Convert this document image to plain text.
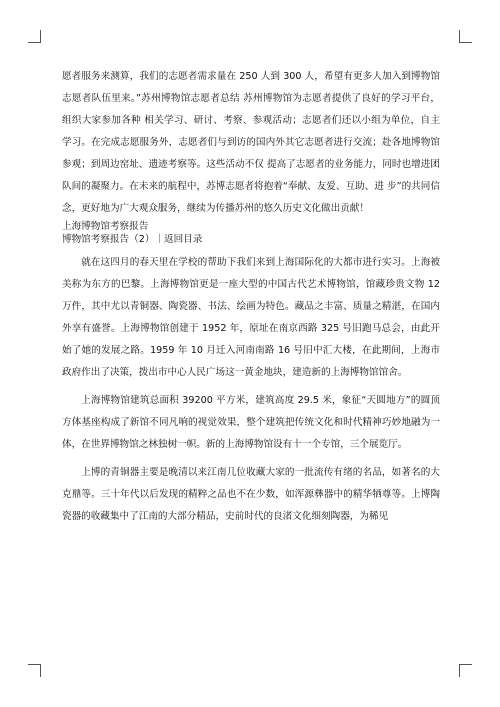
愿者服务来测算，我们的志愿者需求量在 250 人到 300 人，希望有更多人加入到博物馆志愿者队伍里来。”苏州博物馆志愿者总结 苏州博物馆为志愿者提供了良好的学习平台， 组织大家参加各种 相关学习、研讨、考察、参观活动；志愿者们还以小组为单位，自主 学习。在完成志愿服务外，志愿者们与到访的国内外其它志愿者进行交流；赴各地博物馆参观；到周边窑址、遗迹考察等。这些活动不仅 提高了志愿者的业务能力，同时也增进团队间的凝聚力。在未来的航程中，苏博志愿者将抱着“奉献、友爱、互助、进 步”的共同信念，更好地为广大观众服务，继续为传播苏州的悠久历史文化做出贡献！

上海博物馆考察报告

博物馆考察报告（2）｜返回目录

就在这四月的春天里在学校的帮助下我们来到上海国际化的大都市进行实习。上海被美称为东方的巴黎。上海博物馆更是一座大型的中国古代艺术博物馆，馆藏珍贵文物 12 万件，其中尤以青铜器、陶瓷器、书法、绘画为特色。藏品之丰富、质量之精湛，在国内外享有盛誉。上海博物馆创建于 1952 年，原址在南京西路 325 号旧跑马总会，由此开始了她的发展之路。1959 年 10 月迁入河南南路 16 号旧中汇大楼，在此期间，上海市政府作出了决策，拨出市中心人民广场这一黄金地块，建造新的上海博物馆馆舍。

上海博物馆建筑总面积 39200 平方米，建筑高度 29.5 米，象征“天圆地方”的圆顶方体基座构成了新馆不同凡响的视觉效果，整个建筑把传统文化和时代精神巧妙地融为一体，在世界博物馆之林独树一帜。新的上海博物馆设有十一个专馆，三个展览厅。

上博的青铜器主要是晚清以来江南几位收藏大家的一批流传有绪的名品，如著名的大克鼎等。三十年代以后发现的精粹之品也不在少数，如浑源彝器中的精华牺尊等。上博陶瓷器的收藏集中了江南的大部分精品，史前时代的良渚文化细刻陶器，为稀见
